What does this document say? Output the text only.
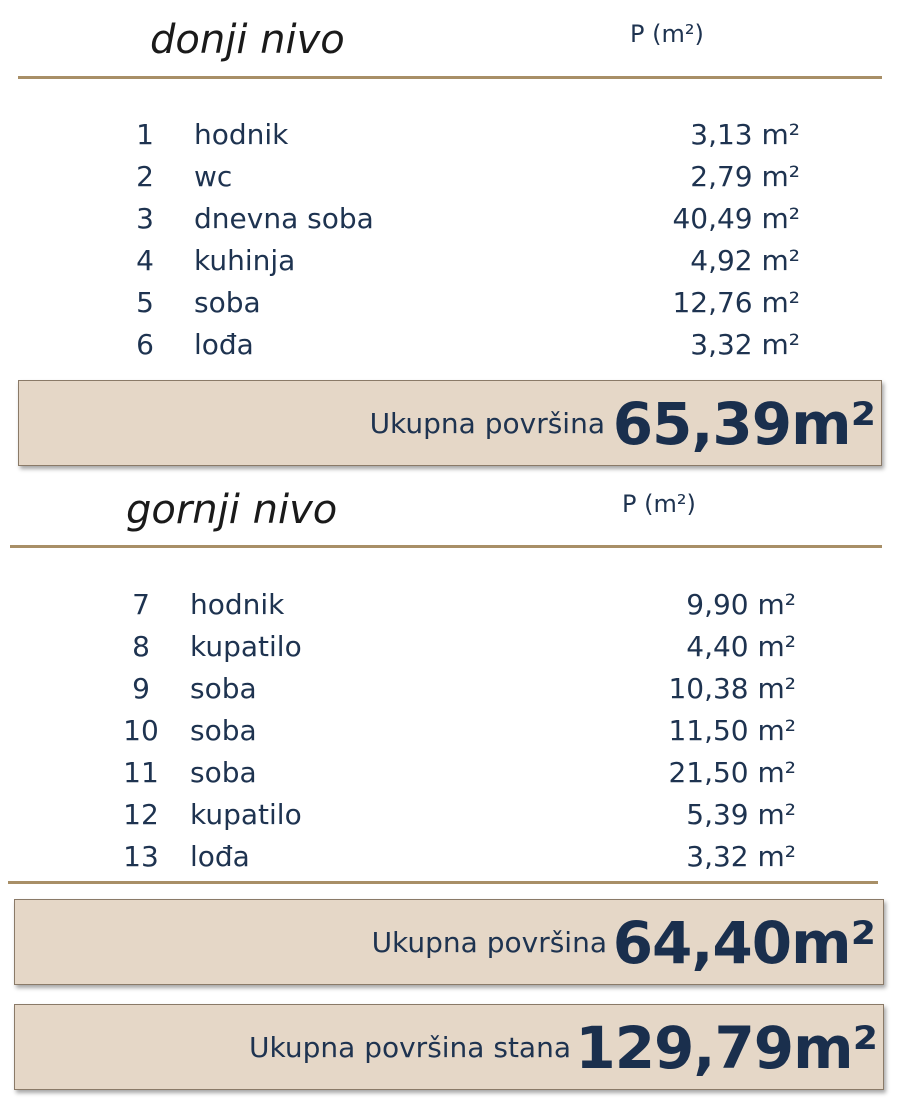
donji nivo	P (m²)
1	hodnik	3,13 m²
2	wc	2,79 m²
3	dnevna soba	40,49 m²
4	kuhinja	4,92 m²
5	soba	12,76 m²
6	lođa	3,32 m²
Ukupna površina 65,39m²
gornji nivo	P (m²)
7	hodnik	9,90 m²
8	kupatilo	4,40 m²
9	soba	10,38 m²
10	soba	11,50 m²
11	soba	21,50 m²
12	kupatilo	5,39 m²
13	lođa	3,32 m²
Ukupna površina 64,40m²
Ukupna površina stana 129,79m²
